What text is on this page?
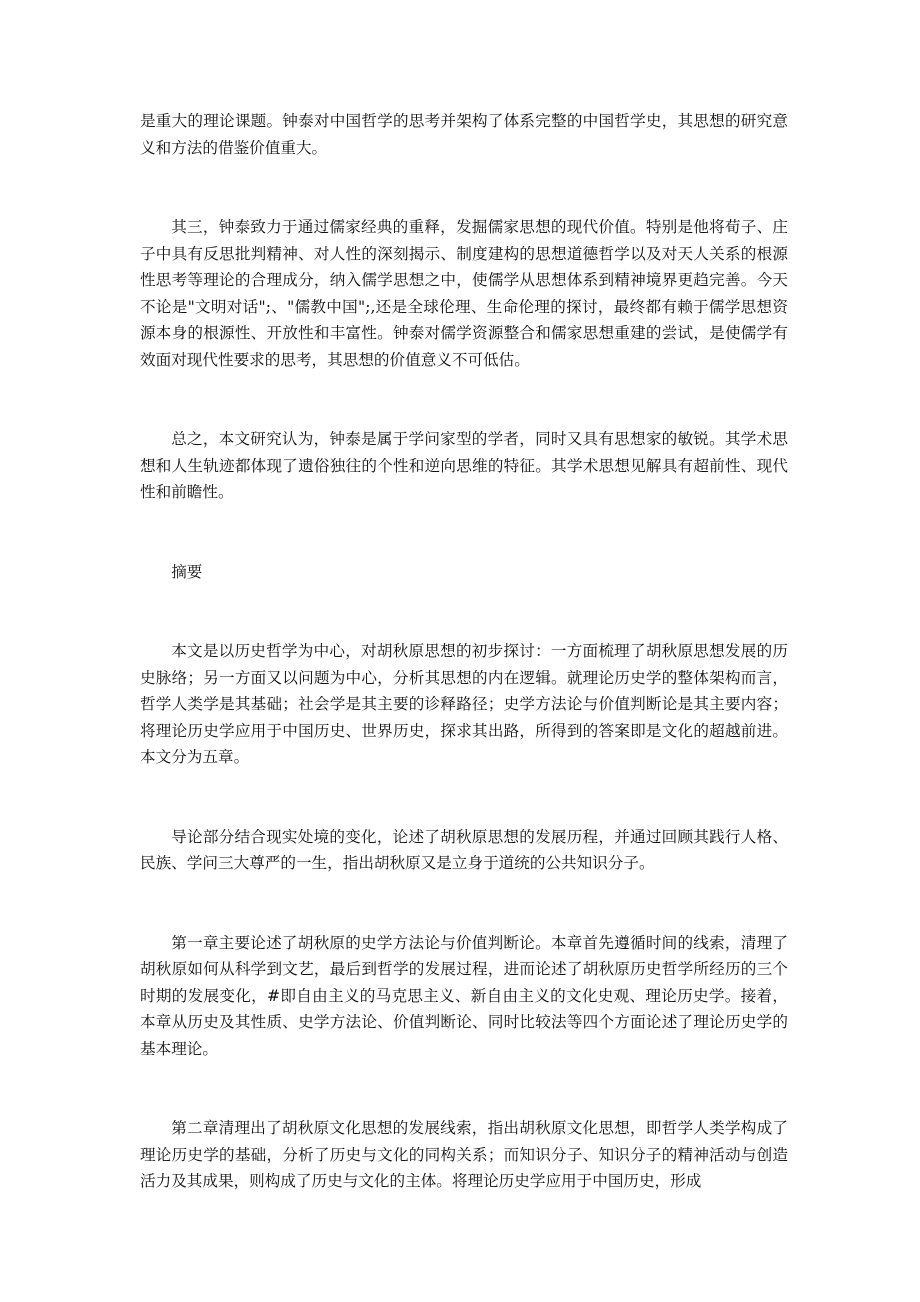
是重大的理论课题。钟泰对中国哲学的思考并架构了体系完整的中国哲学史，其思想的研究意义和方法的借鉴价值重大。

其三，钟泰致力于通过儒家经典的重释，发掘儒家思想的现代价值。特别是他将荀子、庄子中具有反思批判精神、对人性的深刻揭示、制度建构的思想道德哲学以及对天人关系的根源性思考等理论的合理成分，纳入儒学思想之中，使儒学从思想体系到精神境界更趋完善。今天不论是"文明对话";、"儒教中国";,还是全球伦理、生命伦理的探讨，最终都有赖于儒学思想资源本身的根源性、开放性和丰富性。钟泰对儒学资源整合和儒家思想重建的尝试，是使儒学有效面对现代性要求的思考，其思想的价值意义不可低估。

总之，本文研究认为，钟泰是属于学问家型的学者，同时又具有思想家的敏锐。其学术思想和人生轨迹都体现了遗俗独往的个性和逆向思维的特征。其学术思想见解具有超前性、现代性和前瞻性。

摘要

本文是以历史哲学为中心，对胡秋原思想的初步探讨：一方面梳理了胡秋原思想发展的历史脉络；另一方面又以问题为中心，分析其思想的内在逻辑。就理论历史学的整体架构而言，哲学人类学是其基础；社会学是其主要的诊释路径；史学方法论与价值判断论是其主要内容；将理论历史学应用于中国历史、世界历史，探求其出路，所得到的答案即是文化的超越前进。本文分为五章。

导论部分结合现实处境的变化，论述了胡秋原思想的发展历程，并通过回顾其践行人格、民族、学问三大尊严的一生，指出胡秋原又是立身于道统的公共知识分子。

第一章主要论述了胡秋原的史学方法论与价值判断论。本章首先遵循时间的线索，清理了胡秋原如何从科学到文艺，最后到哲学的发展过程，进而论述了胡秋原历史哲学所经历的三个时期的发展变化，#即自由主义的马克思主义、新自由主义的文化史观、理论历史学。接着，本章从历史及其性质、史学方法论、价值判断论、同时比较法等四个方面论述了理论历史学的基本理论。

第二章清理出了胡秋原文化思想的发展线索，指出胡秋原文化思想，即哲学人类学构成了理论历史学的基础，分析了历史与文化的同构关系；而知识分子、知识分子的精神活动与创造活力及其成果，则构成了历史与文化的主体。将理论历史学应用于中国历史，形成
